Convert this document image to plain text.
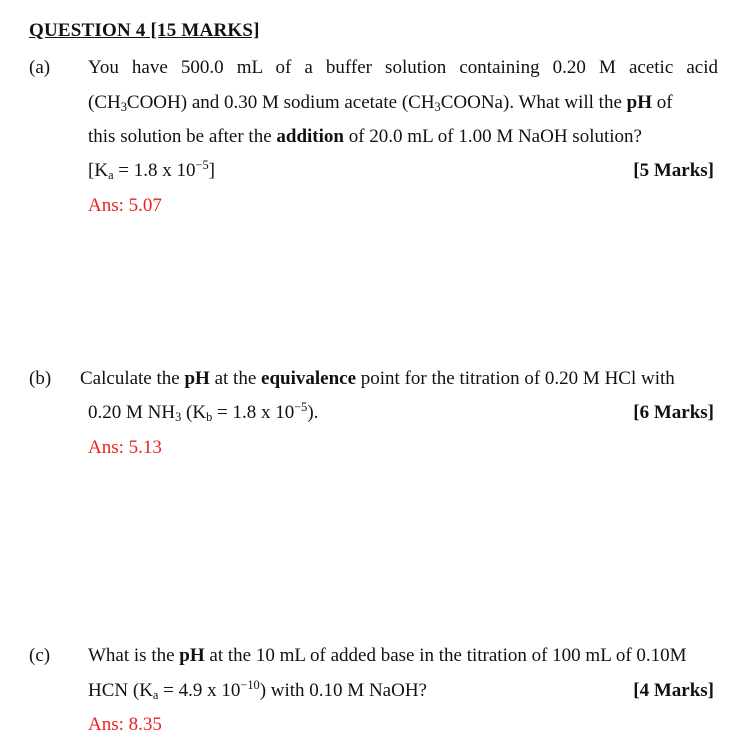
QUESTION 4 [15 MARKS]
(a) You have 500.0 mL of a buffer solution containing 0.20 M acetic acid
$(CH_3COOH)$ and 0.30 M sodium acetate $(CH_3COONa)$. What will the pH of
this solution be after the addition of 20.0 mL of 1.00 M NaOH solution?
[$K_a = 1.8$ x $10^{-5}$]	[5 Marks]
Ans: 5.07
(b) Calculate the pH at the equivalence point for the titration of 0.20 M HCl with
0.20 M $NH_3$ ($K_b = 1.8$ x $10^{-5}$).	[6 Marks]
Ans: 5.13
(c) What is the pH at the 10 mL of added base in the titration of 100 mL of 0.10M
HCN ($K_a = 4.9$ x $10^{-10}$) with 0.10 M NaOH?	[4 Marks]
Ans: 8.35
